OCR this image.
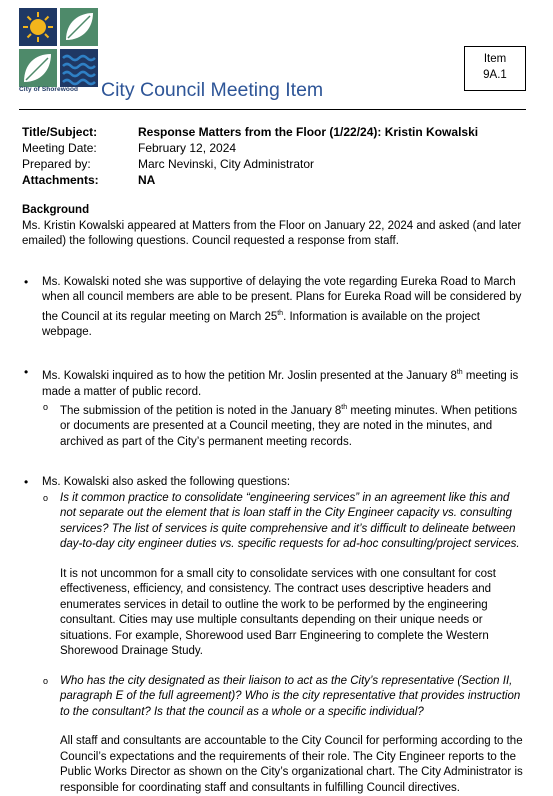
City of Shorewood City Council Meeting Item
Item
9A.1
Title/Subject:	Response Matters from the Floor (1/22/24): Kristin Kowalski
Meeting Date:	February 12, 2024
Prepared by:	Marc Nevinski, City Administrator
Attachments:	NA
Background

Ms. Kristin Kowalski appeared at Matters from the Floor on January 22, 2024 and asked (and later emailed) the following questions. Council requested a response from staff.

• Ms. Kowalski noted she was supportive of delaying the vote regarding Eureka Road to March when all council members are able to be present. Plans for Eureka Road will be considered by the Council at its regular meeting on March 25th. Information is available on the project webpage.
• Ms. Kowalski inquired as to how the petition Mr. Joslin presented at the January 8th meeting is made a matter of public record.
o The submission of the petition is noted in the January 8th meeting minutes. When petitions or documents are presented at a Council meeting, they are noted in the minutes, and archived as part of the City’s permanent meeting records.
• Ms. Kowalski also asked the following questions:
o Is it common practice to consolidate “engineering services” in an agreement like this and not separate out the element that is loan staff in the City Engineer capacity vs. consulting services? The list of services is quite comprehensive and it’s difficult to delineate between day-to-day city engineer duties vs. specific requests for ad-hoc consulting/project services.
It is not uncommon for a small city to consolidate services with one consultant for cost effectiveness, efficiency, and consistency. The contract uses descriptive headers and enumerates services in detail to outline the work to be performed by the engineering consultant. Cities may use multiple consultants depending on their unique needs or situations. For example, Shorewood used Barr Engineering to complete the Western Shorewood Drainage Study.
o Who has the city designated as their liaison to act as the City’s representative (Section II, paragraph E of the full agreement)? Who is the city representative that provides instruction to the consultant? Is that the council as a whole or a specific individual?
All staff and consultants are accountable to the City Council for performing according to the Council’s expectations and the requirements of their role. The City Engineer reports to the Public Works Director as shown on the City’s organizational chart. The City Administrator is responsible for coordinating staff and consultants in fulfilling Council directives.
